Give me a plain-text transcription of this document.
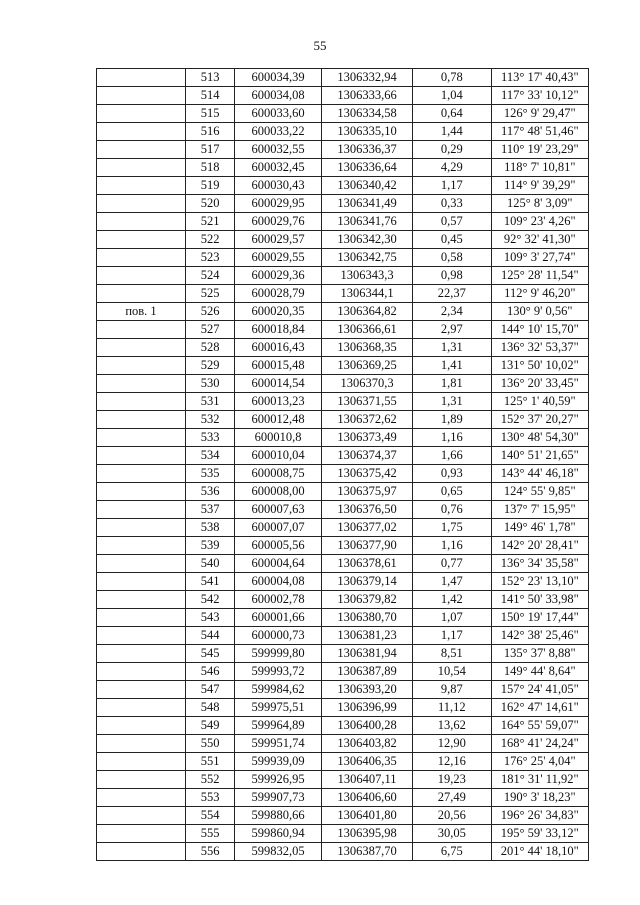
55
	513	600034,39	1306332,94	0,78	113° 17' 40,43"
	514	600034,08	1306333,66	1,04	117° 33' 10,12"
	515	600033,60	1306334,58	0,64	126° 9' 29,47"
	516	600033,22	1306335,10	1,44	117° 48' 51,46"
	517	600032,55	1306336,37	0,29	110° 19' 23,29"
	518	600032,45	1306336,64	4,29	118° 7' 10,81"
	519	600030,43	1306340,42	1,17	114° 9' 39,29"
	520	600029,95	1306341,49	0,33	125° 8' 3,09"
	521	600029,76	1306341,76	0,57	109° 23' 4,26"
	522	600029,57	1306342,30	0,45	92° 32' 41,30"
	523	600029,55	1306342,75	0,58	109° 3' 27,74"
	524	600029,36	1306343,3	0,98	125° 28' 11,54"
	525	600028,79	1306344,1	22,37	112° 9' 46,20"
пов. 1	526	600020,35	1306364,82	2,34	130° 9' 0,56"
	527	600018,84	1306366,61	2,97	144° 10' 15,70"
	528	600016,43	1306368,35	1,31	136° 32' 53,37"
	529	600015,48	1306369,25	1,41	131° 50' 10,02"
	530	600014,54	1306370,3	1,81	136° 20' 33,45"
	531	600013,23	1306371,55	1,31	125° 1' 40,59"
	532	600012,48	1306372,62	1,89	152° 37' 20,27"
	533	600010,8	1306373,49	1,16	130° 48' 54,30"
	534	600010,04	1306374,37	1,66	140° 51' 21,65"
	535	600008,75	1306375,42	0,93	143° 44' 46,18"
	536	600008,00	1306375,97	0,65	124° 55' 9,85"
	537	600007,63	1306376,50	0,76	137° 7' 15,95"
	538	600007,07	1306377,02	1,75	149° 46' 1,78"
	539	600005,56	1306377,90	1,16	142° 20' 28,41"
	540	600004,64	1306378,61	0,77	136° 34' 35,58"
	541	600004,08	1306379,14	1,47	152° 23' 13,10"
	542	600002,78	1306379,82	1,42	141° 50' 33,98"
	543	600001,66	1306380,70	1,07	150° 19' 17,44"
	544	600000,73	1306381,23	1,17	142° 38' 25,46"
	545	599999,80	1306381,94	8,51	135° 37' 8,88"
	546	599993,72	1306387,89	10,54	149° 44' 8,64"
	547	599984,62	1306393,20	9,87	157° 24' 41,05"
	548	599975,51	1306396,99	11,12	162° 47' 14,61"
	549	599964,89	1306400,28	13,62	164° 55' 59,07"
	550	599951,74	1306403,82	12,90	168° 41' 24,24"
	551	599939,09	1306406,35	12,16	176° 25' 4,04"
	552	599926,95	1306407,11	19,23	181° 31' 11,92"
	553	599907,73	1306406,60	27,49	190° 3' 18,23"
	554	599880,66	1306401,80	20,56	196° 26' 34,83"
	555	599860,94	1306395,98	30,05	195° 59' 33,12"
	556	599832,05	1306387,70	6,75	201° 44' 18,10"
